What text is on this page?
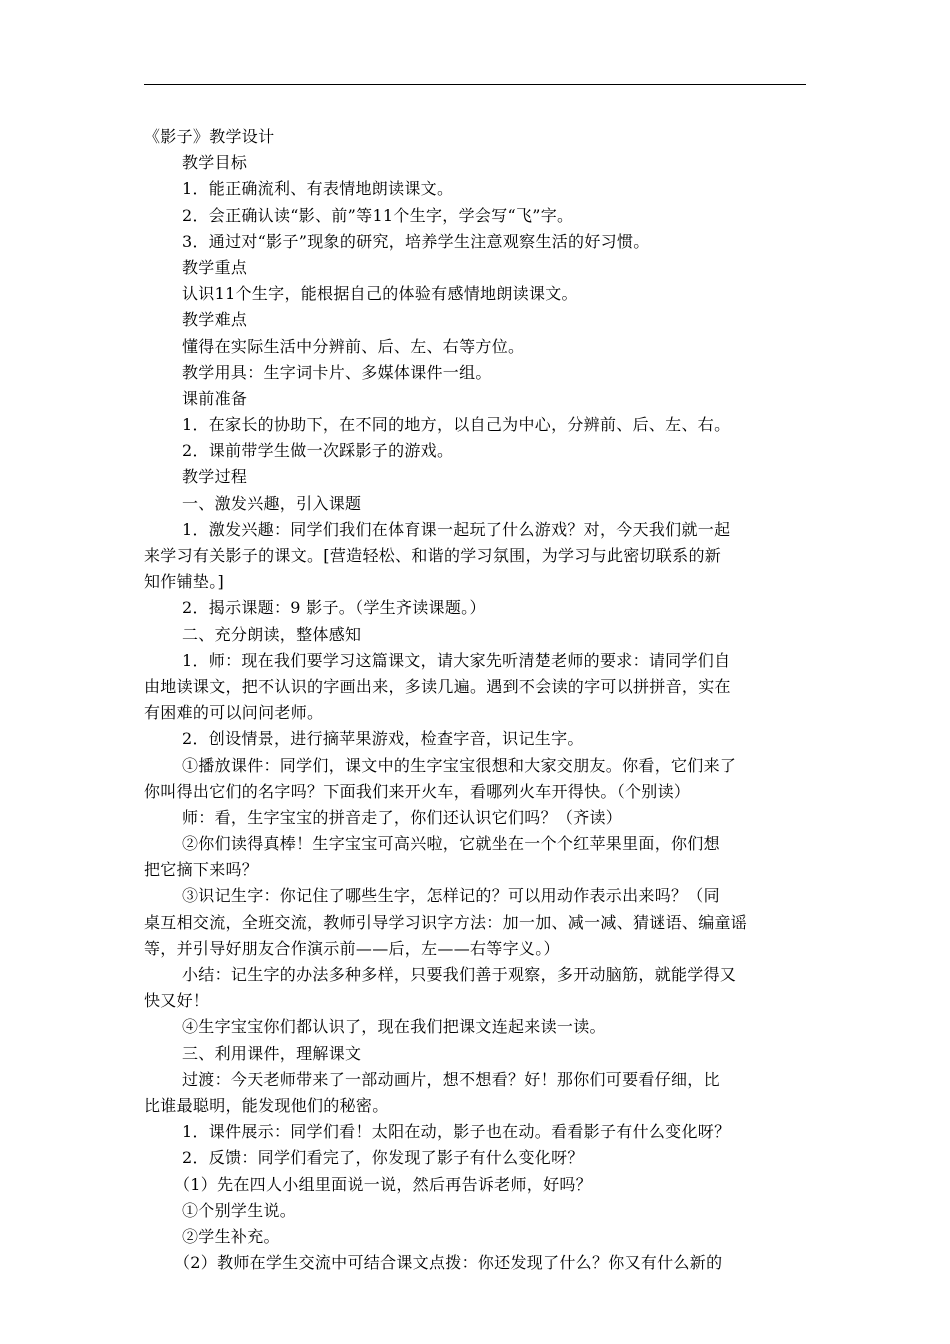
《影子》教学设计
教学目标
1．能正确流利、有表情地朗读课文。
2．会正确认读“影、前”等11个生字，学会写“飞”字。
3．通过对“影子”现象的研究，培养学生注意观察生活的好习惯。
教学重点
认识11个生字，能根据自己的体验有感情地朗读课文。
教学难点
懂得在实际生活中分辨前、后、左、右等方位。
教学用具：生字词卡片、多媒体课件一组。
课前准备
1．在家长的协助下，在不同的地方，以自己为中心，分辨前、后、左、右。
2．课前带学生做一次踩影子的游戏。
教学过程
一、激发兴趣，引入课题
1．激发兴趣：同学们我们在体育课一起玩了什么游戏？对，今天我们就一起
来学习有关影子的课文。[营造轻松、和谐的学习氛围，为学习与此密切联系的新
知作铺垫。]
2．揭示课题：9 影子。（学生齐读课题。）
二、充分朗读，整体感知
1．师：现在我们要学习这篇课文，请大家先听清楚老师的要求：请同学们自
由地读课文，把不认识的字画出来，多读几遍。遇到不会读的字可以拼拼音，实在
有困难的可以问问老师。
2．创设情景，进行摘苹果游戏，检查字音，识记生字。
①播放课件：同学们，课文中的生字宝宝很想和大家交朋友。你看，它们来了
你叫得出它们的名字吗？下面我们来开火车，看哪列火车开得快。（个别读）
师：看，生字宝宝的拼音走了，你们还认识它们吗？（齐读）
②你们读得真棒！生字宝宝可高兴啦，它就坐在一个个红苹果里面，你们想
把它摘下来吗？
③识记生字：你记住了哪些生字，怎样记的？可以用动作表示出来吗？（同
桌互相交流，全班交流，教师引导学习识字方法：加一加、减一减、猜谜语、编童谣
等，并引导好朋友合作演示前——后，左——右等字义。）
小结：记生字的办法多种多样，只要我们善于观察，多开动脑筋，就能学得又
快又好！
④生字宝宝你们都认识了，现在我们把课文连起来读一读。
三、利用课件，理解课文
过渡：今天老师带来了一部动画片，想不想看？好！那你们可要看仔细，比
比谁最聪明，能发现他们的秘密。
1．课件展示：同学们看！太阳在动，影子也在动。看看影子有什么变化呀？
2．反馈：同学们看完了，你发现了影子有什么变化呀？
（1）先在四人小组里面说一说，然后再告诉老师，好吗？
①个别学生说。
②学生补充。
（2）教师在学生交流中可结合课文点拨：你还发现了什么？你又有什么新的
